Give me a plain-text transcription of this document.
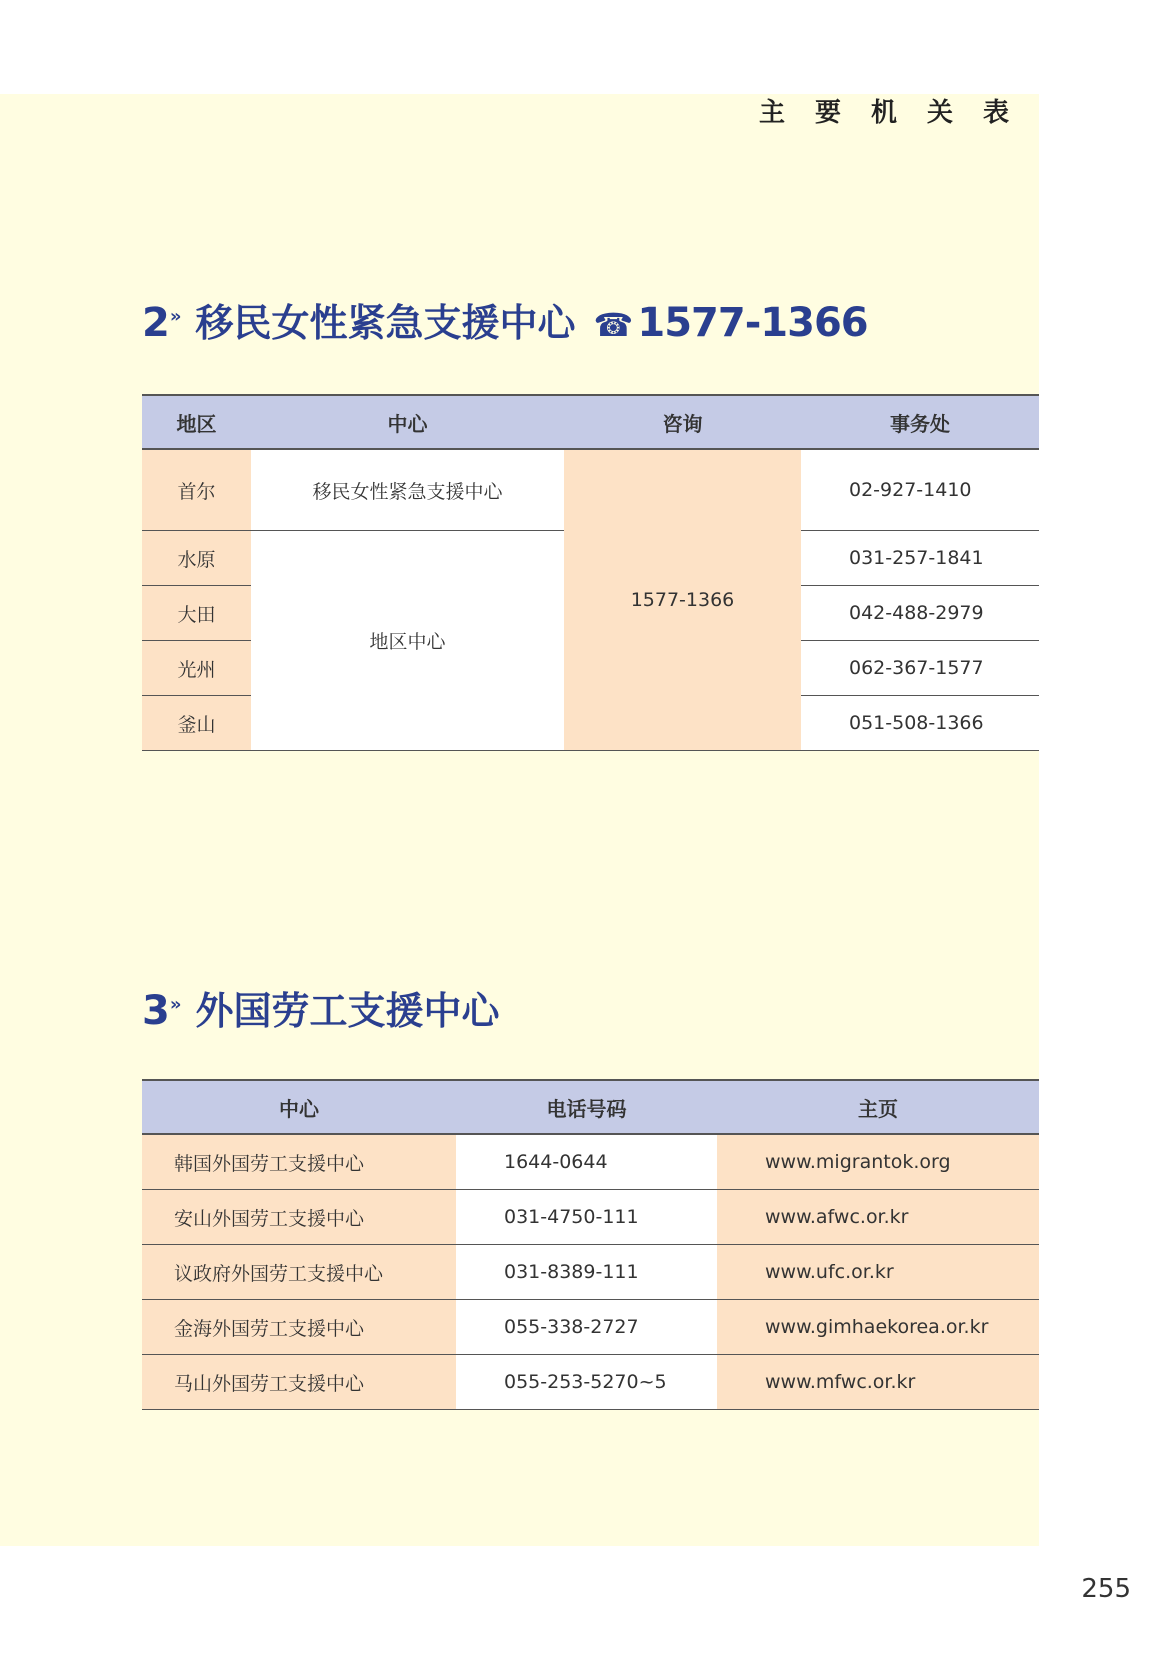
主要机关表
2 » 移民女性紧急支援中心 ☎ 1577-1366
地区	中心	咨询	事务处
首尔	移民女性紧急支援中心	1577-1366	02-927-1410
水原	地区中心		031-257-1841
大田			042-488-2979
光州			062-367-1577
釜山			051-508-1366
3 » 外国劳工支援中心
中心	电话号码	主页
韩国外国劳工支援中心	1644-0644	www.migrantok.org
安山外国劳工支援中心	031-4750-111	www.afwc.or.kr
议政府外国劳工支援中心	031-8389-111	www.ufc.or.kr
金海外国劳工支援中心	055-338-2727	www.gimhaekorea.or.kr
马山外国劳工支援中心	055-253-5270~5	www.mfwc.or.kr
255
